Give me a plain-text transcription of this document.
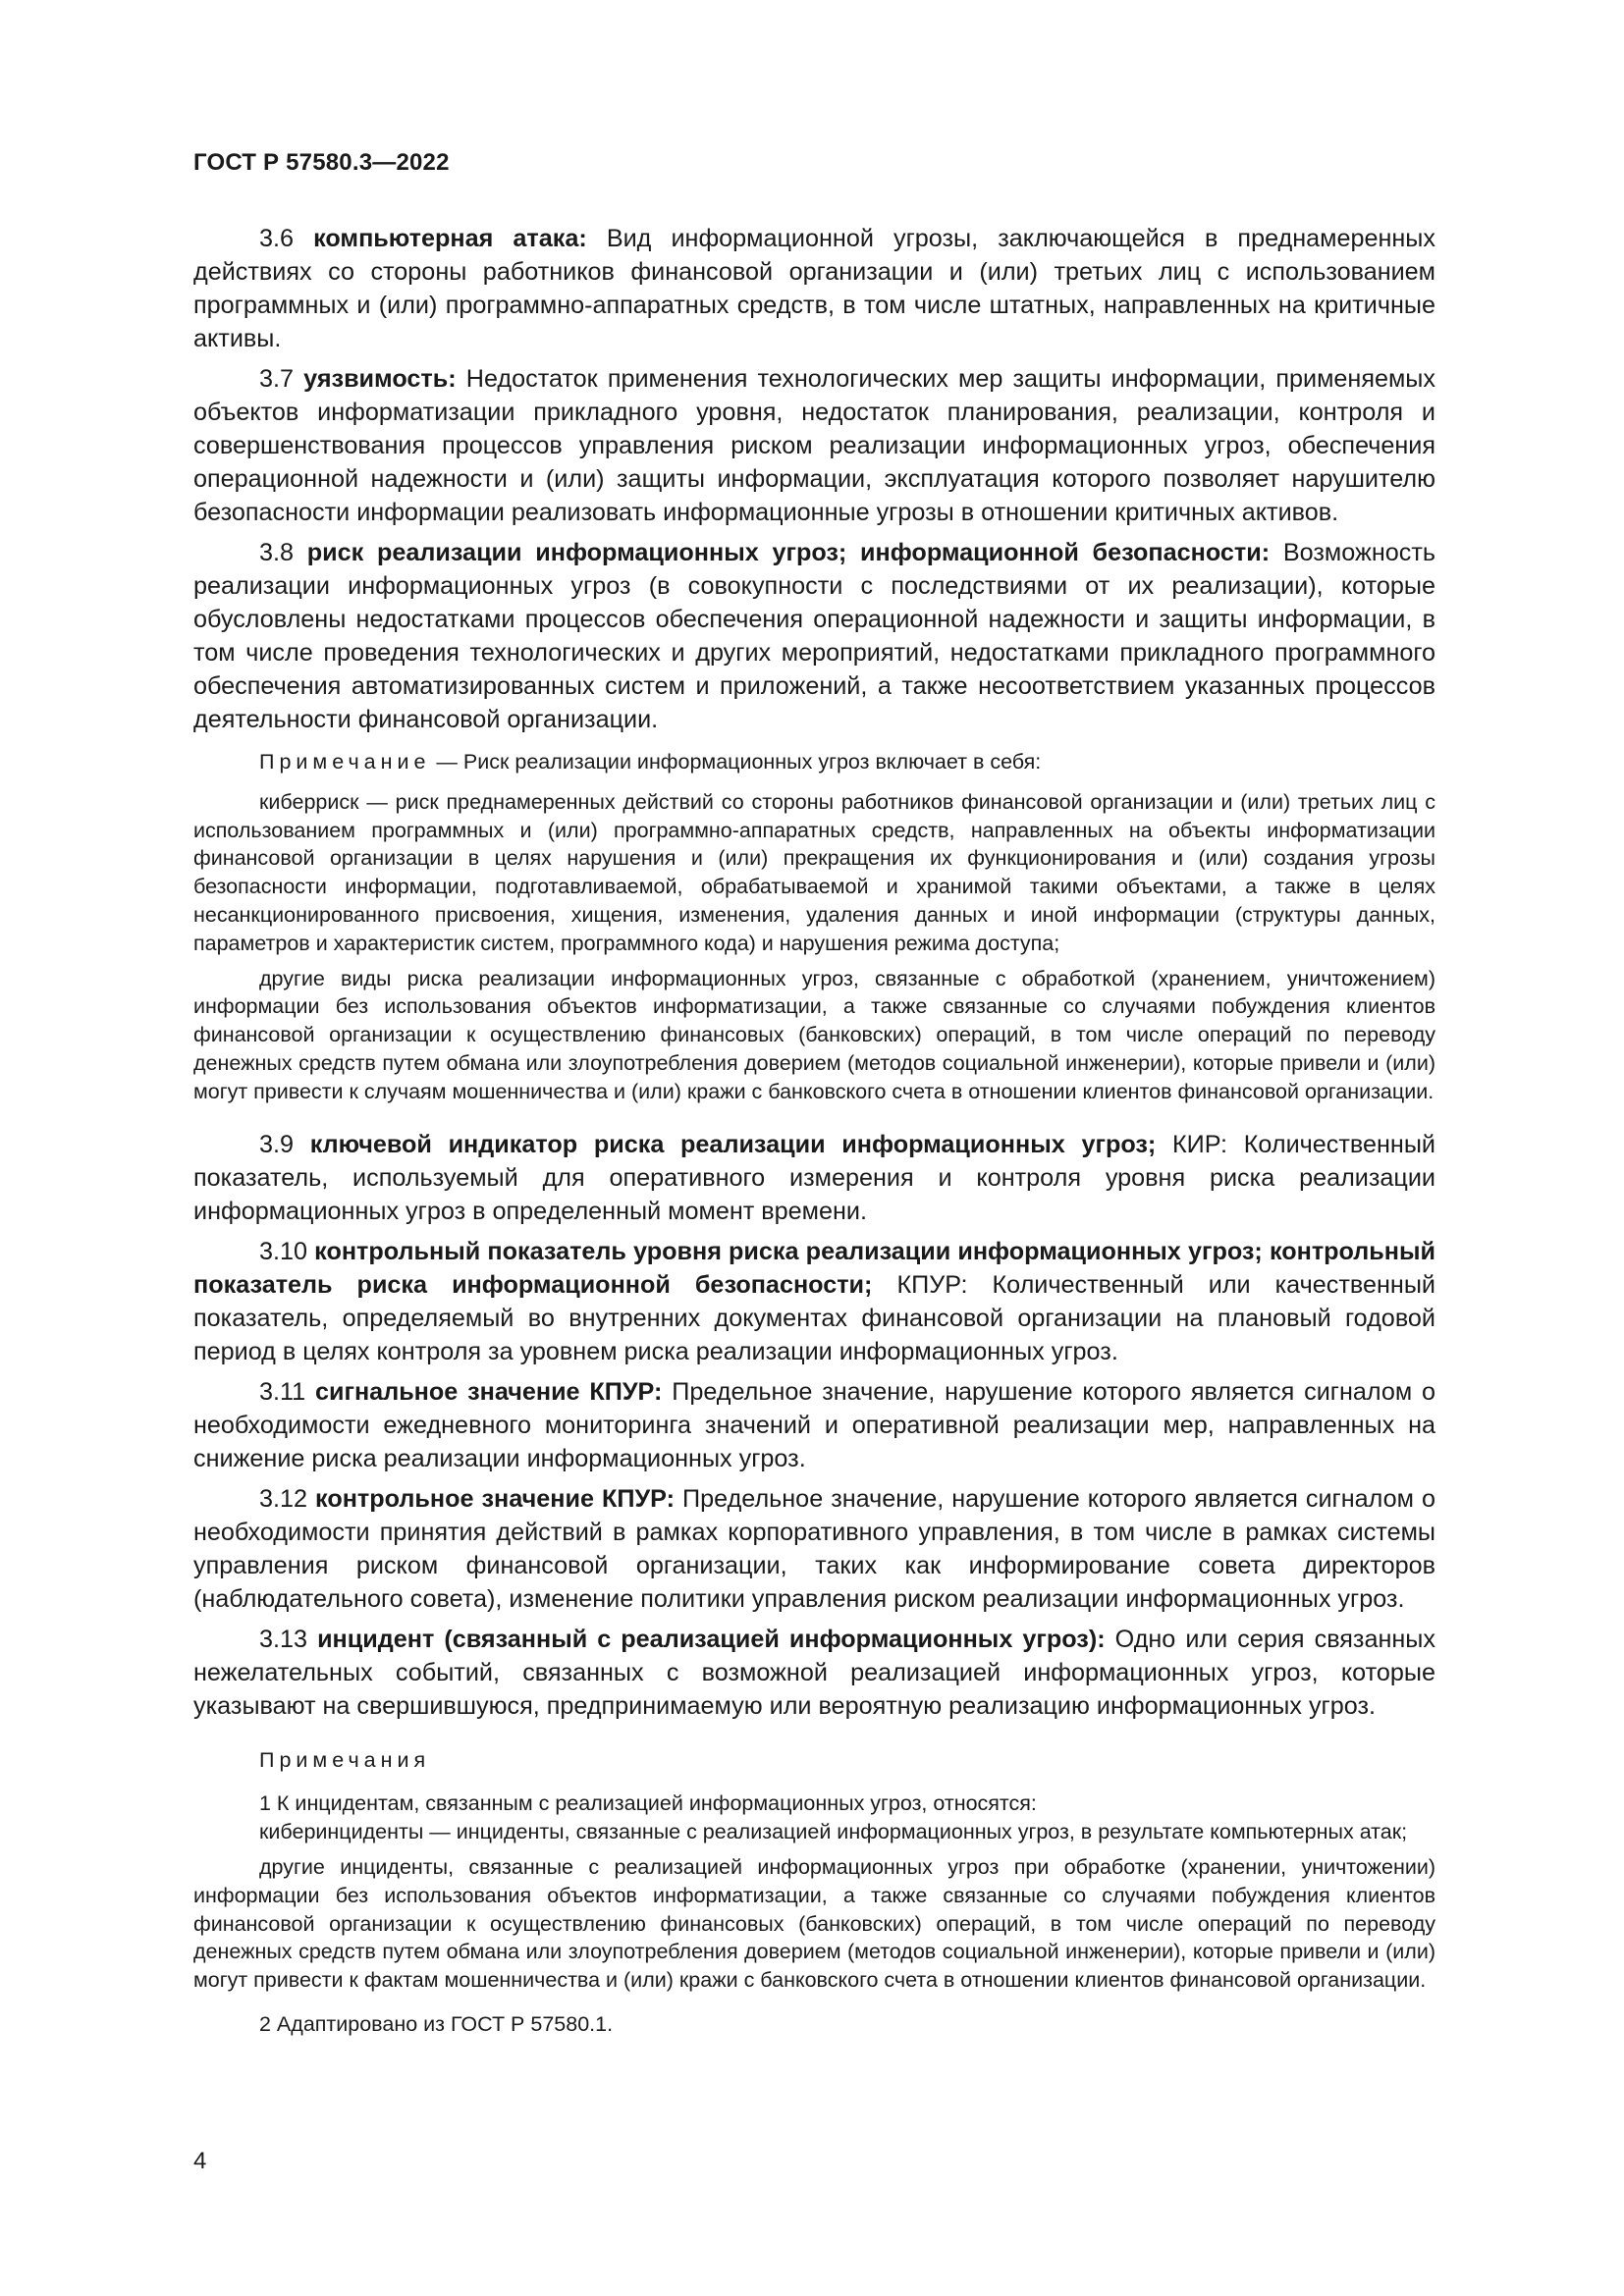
ГОСТ Р 57580.3—2022

3.6 компьютерная атака: Вид информационной угрозы, заключающейся в преднамеренных действиях со стороны работников финансовой организации и (или) третьих лиц с использованием программных и (или) программно-аппаратных средств, в том числе штатных, направленных на критичные активы.

3.7 уязвимость: Недостаток применения технологических мер защиты информации, применяемых объектов информатизации прикладного уровня, недостаток планирования, реализации, контроля и совершенствования процессов управления риском реализации информационных угроз, обеспечения операционной надежности и (или) защиты информации, эксплуатация которого позволяет нарушителю безопасности информации реализовать информационные угрозы в отношении критичных активов.

3.8 риск реализации информационных угроз; информационной безопасности: Возможность реализации информационных угроз (в совокупности с последствиями от их реализации), которые обусловлены недостатками процессов обеспечения операционной надежности и защиты информации, в том числе проведения технологических и других мероприятий, недостатками прикладного программного обеспечения автоматизированных систем и приложений, а также несоответствием указанных процессов деятельности финансовой организации.

Примечание — Риск реализации информационных угроз включает в себя:

киберриск — риск преднамеренных действий со стороны работников финансовой организации и (или) третьих лиц с использованием программных и (или) программно-аппаратных средств, направленных на объекты информатизации финансовой организации в целях нарушения и (или) прекращения их функционирования и (или) создания угрозы безопасности информации, подготавливаемой, обрабатываемой и хранимой такими объектами, а также в целях несанкционированного присвоения, хищения, изменения, удаления данных и иной информации (структуры данных, параметров и характеристик систем, программного кода) и нарушения режима доступа;

другие виды риска реализации информационных угроз, связанные с обработкой (хранением, уничтожением) информации без использования объектов информатизации, а также связанные со случаями побуждения клиентов финансовой организации к осуществлению финансовых (банковских) операций, в том числе операций по переводу денежных средств путем обмана или злоупотребления доверием (методов социальной инженерии), которые привели и (или) могут привести к случаям мошенничества и (или) кражи с банковского счета в отношении клиентов финансовой организации.

3.9 ключевой индикатор риска реализации информационных угроз; КИР: Количественный показатель, используемый для оперативного измерения и контроля уровня риска реализации информационных угроз в определенный момент времени.

3.10 контрольный показатель уровня риска реализации информационных угроз; контрольный показатель риска информационной безопасности; КПУР: Количественный или качественный показатель, определяемый во внутренних документах финансовой организации на плановый годовой период в целях контроля за уровнем риска реализации информационных угроз.

3.11 сигнальное значение КПУР: Предельное значение, нарушение которого является сигналом о необходимости ежедневного мониторинга значений и оперативной реализации мер, направленных на снижение риска реализации информационных угроз.

3.12 контрольное значение КПУР: Предельное значение, нарушение которого является сигналом о необходимости принятия действий в рамках корпоративного управления, в том числе в рамках системы управления риском финансовой организации, таких как информирование совета директоров (наблюдательного совета), изменение политики управления риском реализации информационных угроз.

3.13 инцидент (связанный с реализацией информационных угроз): Одно или серия связанных нежелательных событий, связанных с возможной реализацией информационных угроз, которые указывают на свершившуюся, предпринимаемую или вероятную реализацию информационных угроз.

Примечания

1 К инцидентам, связанным с реализацией информационных угроз, относятся:

киберинциденты — инциденты, связанные с реализацией информационных угроз, в результате компьютерных атак;

другие инциденты, связанные с реализацией информационных угроз при обработке (хранении, уничтожении) информации без использования объектов информатизации, а также связанные со случаями побуждения клиентов финансовой организации к осуществлению финансовых (банковских) операций, в том числе операций по переводу денежных средств путем обмана или злоупотребления доверием (методов социальной инженерии), которые привели и (или) могут привести к фактам мошенничества и (или) кражи с банковского счета в отношении клиентов финансовой организации.

2 Адаптировано из ГОСТ Р 57580.1.

4
